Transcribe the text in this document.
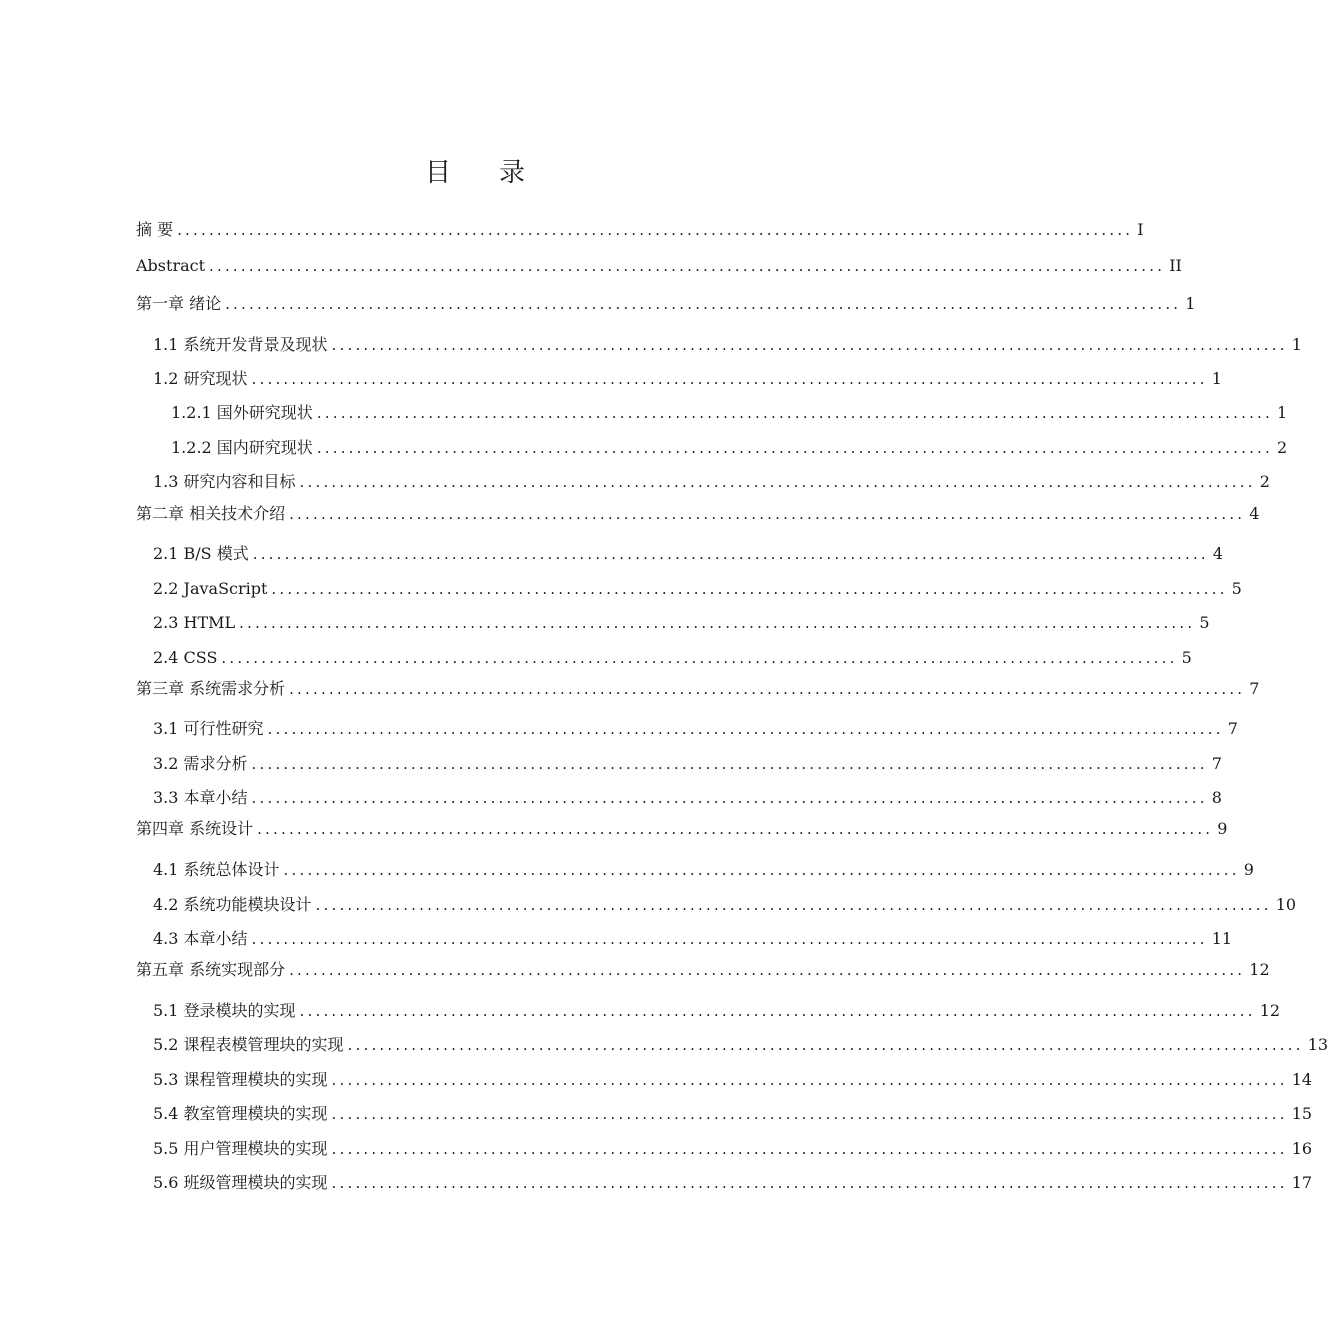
目录
摘 要 ........................................................................................................................ I
Abstract ........................................................................................................................ II
第一章 绪论 ........................................................................................................................ 1
1.1 系统开发背景及现状 ........................................................................................................................ 1
1.2 研究现状 ........................................................................................................................ 1
1.2.1 国外研究现状 ........................................................................................................................ 1
1.2.2 国内研究现状 ........................................................................................................................ 2
1.3 研究内容和目标 ........................................................................................................................ 2
第二章 相关技术介绍 ........................................................................................................................ 4
2.1 B/S 模式 ........................................................................................................................ 4
2.2 JavaScript ........................................................................................................................ 5
2.3 HTML ........................................................................................................................ 5
2.4 CSS ........................................................................................................................ 5
第三章 系统需求分析 ........................................................................................................................ 7
3.1 可行性研究 ........................................................................................................................ 7
3.2 需求分析 ........................................................................................................................ 7
3.3 本章小结 ........................................................................................................................ 8
第四章 系统设计 ........................................................................................................................ 9
4.1 系统总体设计 ........................................................................................................................ 9
4.2 系统功能模块设计 ........................................................................................................................ 10
4.3 本章小结 ........................................................................................................................ 11
第五章 系统实现部分 ........................................................................................................................ 12
5.1 登录模块的实现 ........................................................................................................................ 12
5.2 课程表模管理块的实现 ........................................................................................................................ 13
5.3 课程管理模块的实现 ........................................................................................................................ 14
5.4 教室管理模块的实现 ........................................................................................................................ 15
5.5 用户管理模块的实现 ........................................................................................................................ 16
5.6 班级管理模块的实现 ........................................................................................................................ 17
